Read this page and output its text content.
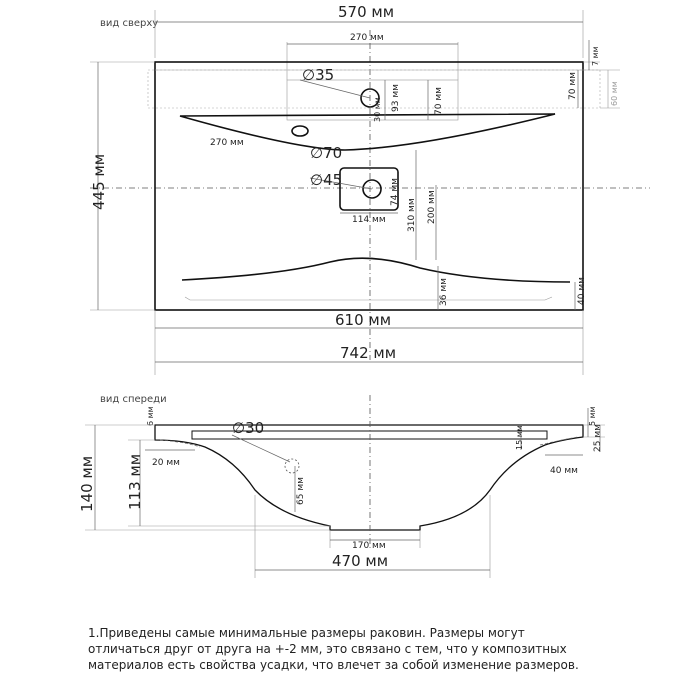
вид сверху
570 мм
270 мм
∅35
7 мм
70 мм	60 мм
93 мм	70 мм
30 мм
270 мм
∅70
∅45	74 мм
114 мм 310 мм 200 мм
445 мм
36 мм	40 мм
610 мм
742 мм
вид спереди
∅30
6 мм
20 мм
5 мм
25 мм
15 мм
40 мм
65 мм
140 мм 113 мм
170 мм
470 мм
1.Приведены самые минимальные размеры раковин. Размеры могут
отличаться друг от друга на +-2 мм, это связано с тем, что у композитных
материалов есть свойства усадки, что влечет за собой изменение размеров.
